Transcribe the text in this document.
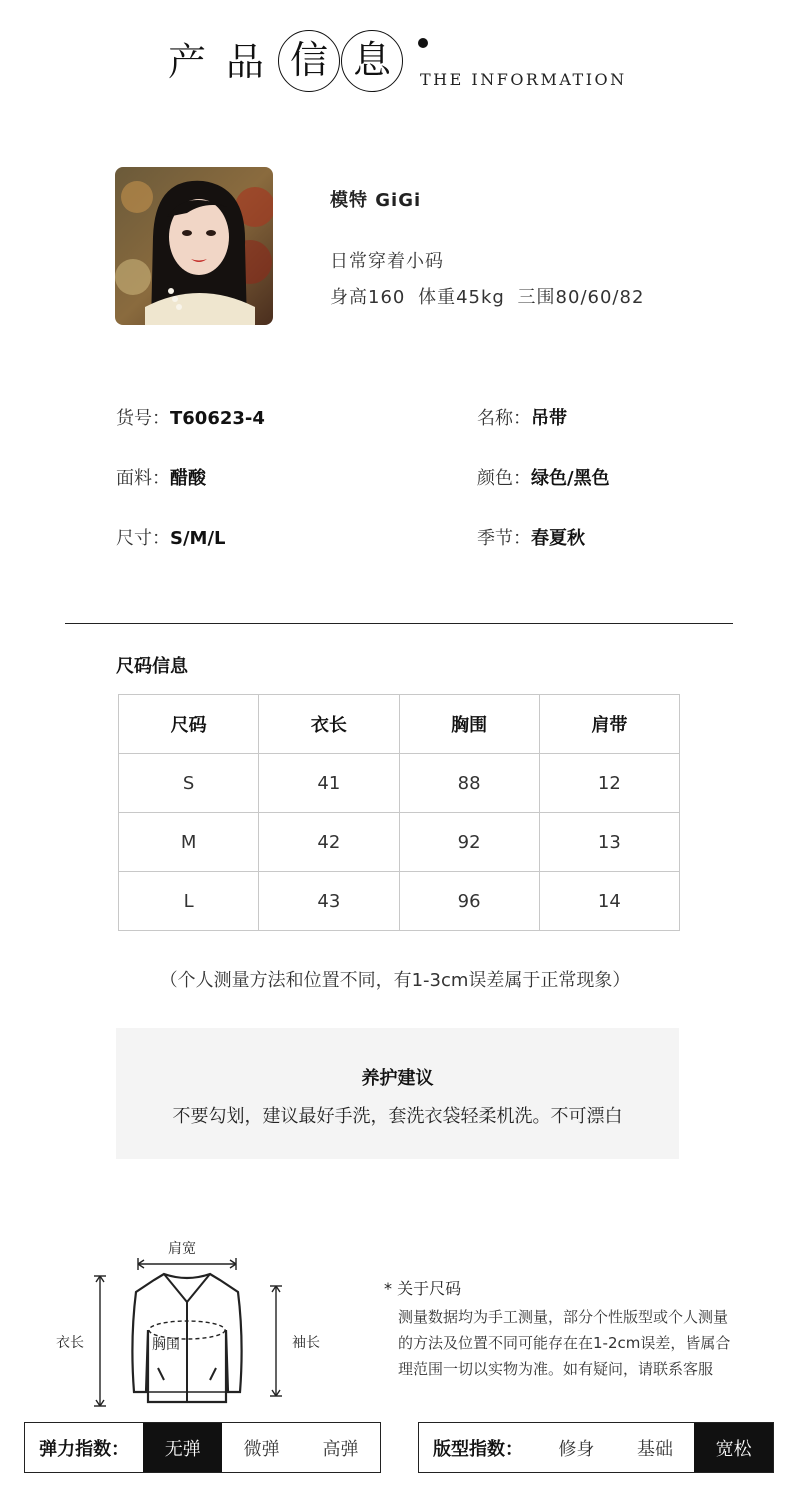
产 品 信 息	THE INFORMATION
模特 GiGi
日常穿着小码
身高160 体重45kg 三围80/60/82
货号：T60623-4	名称：吊带
面料：醋酸	颜色：绿色/黑色
尺寸：S/M/L	季节：春夏秋
尺码信息
尺码	衣长	胸围	肩带
S	41	88	12
M	42	92	13
L	43	96	14
（个人测量方法和位置不同，有1-3cm误差属于正常现象）
养护建议
不要勾划，建议最好手洗，套洗衣袋轻柔机洗。不可漂白
肩宽
衣长	胸围	袖长
* 关于尺码
测量数据均为手工测量，部分个性版型或个人测量
的方法及位置不同可能存在在1-2cm误差，皆属合
理范围一切以实物为准。如有疑问，请联系客服
弹力指数：	无弹	微弹	高弹	版型指数：	修身	基础	宽松
